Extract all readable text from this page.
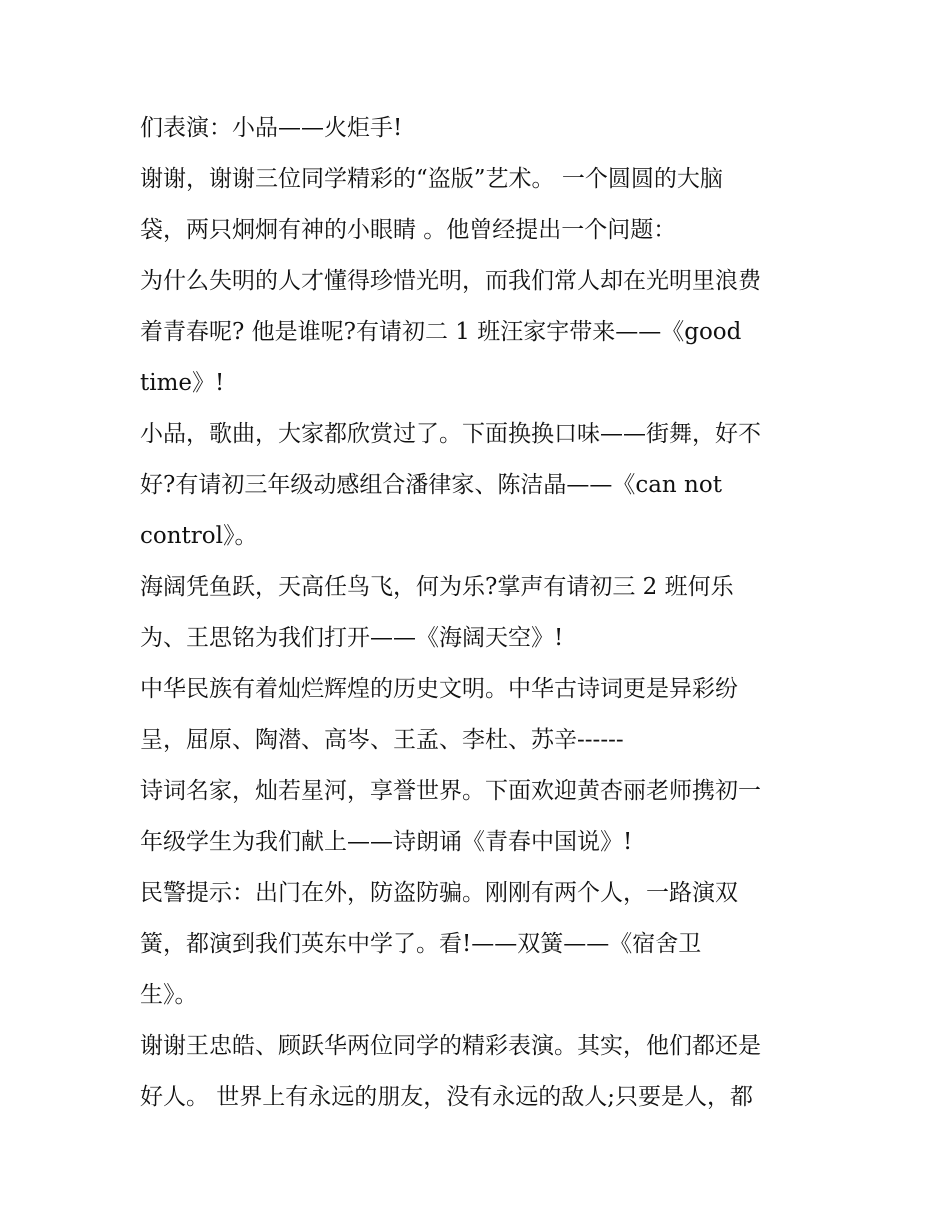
们表演：小品——火炬手!
谢谢，谢谢三位同学精彩的“盗版”艺术。 一个圆圆的大脑
袋，两只炯炯有神的小眼睛 。他曾经提出一个问题：
为什么失明的人才懂得珍惜光明，而我们常人却在光明里浪费
着青春呢? 他是谁呢?有请初二 1 班汪家宇带来——《good
time》!
小品，歌曲，大家都欣赏过了。下面换换口味——街舞，好不
好?有请初三年级动感组合潘律家、陈洁晶——《can not
control》。
海阔凭鱼跃，天高任鸟飞，何为乐?掌声有请初三 2 班何乐
为、王思铭为我们打开——《海阔天空》!
中华民族有着灿烂辉煌的历史文明。中华古诗词更是异彩纷
呈，屈原、陶潜、高岑、王孟、李杜、苏辛------
诗词名家，灿若星河，享誉世界。下面欢迎黄杏丽老师携初一
年级学生为我们献上——诗朗诵《青春中国说》!
民警提示：出门在外，防盗防骗。刚刚有两个人，一路演双
簧，都演到我们英东中学了。看!——双簧——《宿舍卫
生》。
谢谢王忠皓、顾跃华两位同学的精彩表演。其实，他们都还是
好人。 世界上有永远的朋友，没有永远的敌人;只要是人，都
